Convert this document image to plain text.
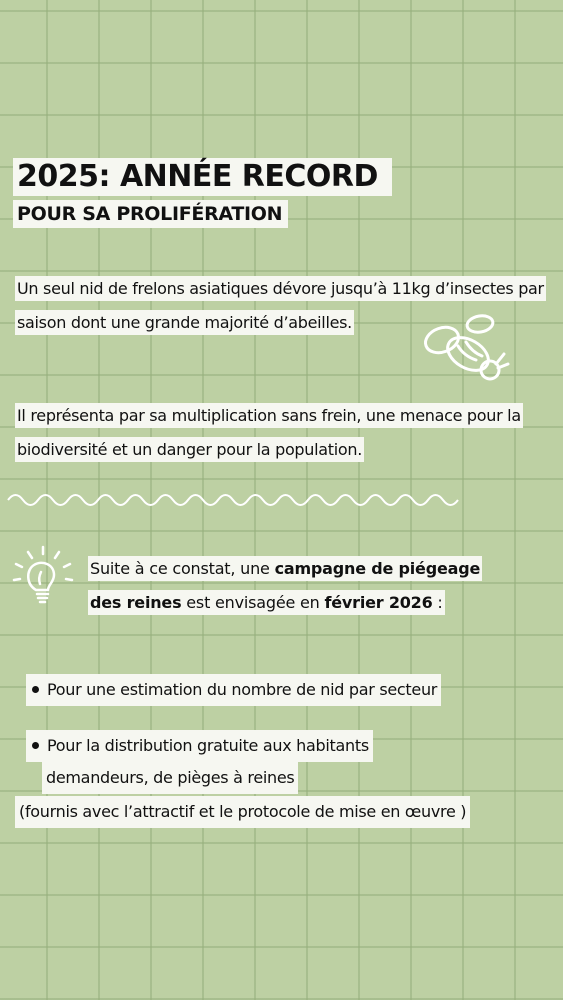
2025: ANNÉE RECORD
POUR SA PROLIFÉRATION
Un seul nid de frelons asiatiques dévore jusqu’à 11kg d’insectes par saison dont une grande majorité d’abeilles.
Il représenta par sa multiplication sans frein, une menace pour la biodiversité et un danger pour la population.
Suite à ce constat, une campagne de piégeage des reines est envisagée en février 2026 :
Pour une estimation du nombre de nid par secteur
Pour la distribution gratuite aux habitants
demandeurs, de pièges à reines
(fournis avec l’attractif et le protocole de mise en œuvre )
